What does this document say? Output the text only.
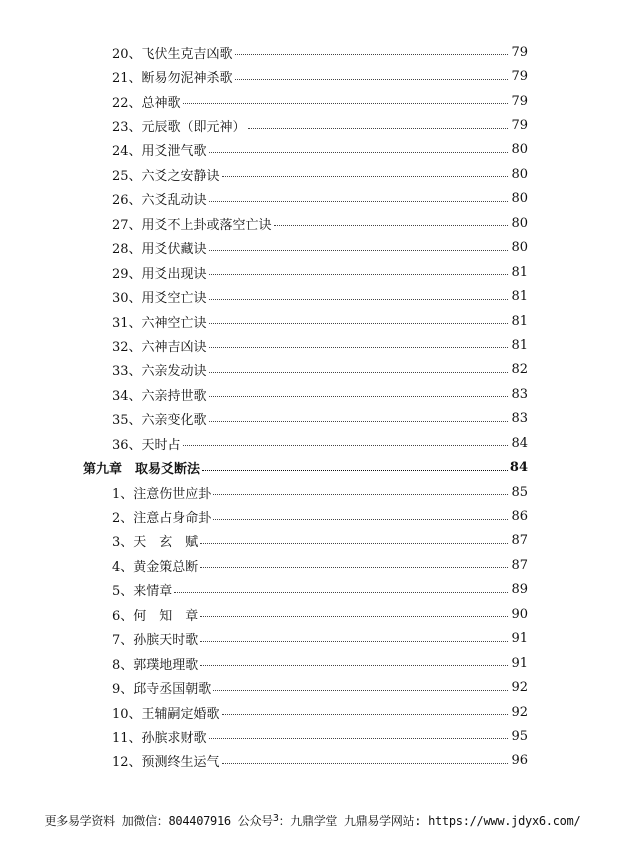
20、飞伏生克吉凶歌	79
21、断易勿泥神杀歌	79
22、总神歌	79
23、元辰歌（即元神）	79
24、用爻泄气歌	80
25、六爻之安静诀	80
26、六爻乱动诀	80
27、用爻不上卦或落空亡诀	80
28、用爻伏藏诀	80
29、用爻出现诀	81
30、用爻空亡诀	81
31、六神空亡诀	81
32、六神吉凶诀	81
33、六亲发动诀	82
34、六亲持世歌	83
35、六亲变化歌	83
36、天时占	84
第九章　取易爻断法	84
1、注意伤世应卦	85
2、注意占身命卦	86
3、天　玄　赋	87
4、黄金策总断	87
5、来情章	89
6、何　知　章	90
7、孙膑天时歌	91
8、郭璞地理歌	91
9、邱寺丞国朝歌	92
10、王辅嗣定婚歌	92
11、孙膑求财歌	95
12、预测终生运气	96
更多易学资料 加微信：804407916 公众号$^3$：九鼎学堂 九鼎易学网站: https://www.jdyx6.com/
